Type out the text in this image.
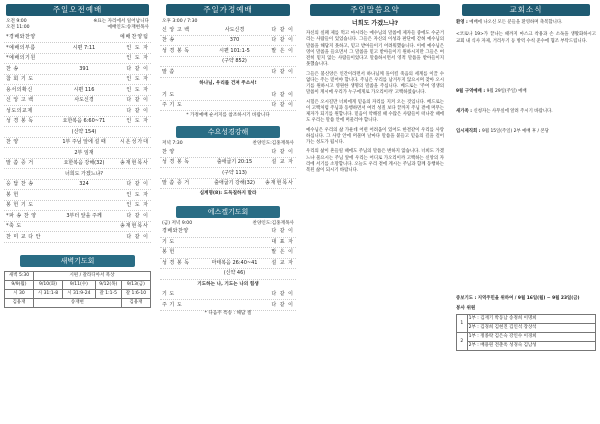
주일오전예배
오전 9:00
오전 11:00
※표는 자리에서 일어납니다
예배인도:송재현목사
*경배와찬양	예배찬양팀
*예배의부름	시편 7:11	인 도 자
*예배의기원	인 도 자
찬 송	391	다 같 이
참 회 기 도	인 도 자
용서의확신	시편 116	인 도 자
신 앙 고 백	사도신경	다 같 이
성도의교제	다 같 이
성 경 봉 독	요한복음 6:60~71	인 도 자
(신약 154)
찬 양	1부 주님 앞에 설 때	시온성가대
2부 임재
말 씀 증 거	요한복음 강해(32)	송재현목사
너희도 가겠느냐?
응 답 찬 송	324	다 같 이
봉 헌	인 도 자
봉 헌 기 도	인 도 자
*파 송 찬 양	3부터 앞을 주께	다 같 이
*축 도	송재현목사
찬 미 교 다 안	다 같 이
새벽기도회
새벽 5:30	시편 / 갈라디아서 묵상			
9/9(월)	9/10(화)	9/11(수)	9/12(목)	9/13(금)
시 30	시 31:1-8	시 31:9-24	갈 1:1-5	갈 1:6-10
김용재	송재현			김용재
주일가정예배
오후 3:00 / 7:30
신 앙 고 백	사도신경	다 같 이
찬 송	370	다 같 이
성 경 봉 독	시편 101:1-5	말 은 이
(구약 852)
말 씀	다 같 이
하나님, 우리를 건져 주소서!
기 도	다 같 이
주 기 도	다 같 이
* 가정예배 순서지를 참조하시기 바랍니다
수요성경강해
저녁 7:30	찬양인도:김홍재목사
찬 양	다 같 이
성 경 봉 독	출애굽기 20:15	설 교 자
(구약 113)
말 씀 증 거	출애굽기 강해(32)	송재현목사
십계명(8): 도둑질하지 말라
에스겔기도회
(금) 저녁 9:00	찬양인도:김홍재목사
경배와찬양	다 같 이
기 도	대 표 자
봉 헌	말 은 이
성 경 봉 독	마태복음 26:40~41	설 교 자
(신약 46)
기도하는 나, 기도는 나의 힘생
기 도	다 같 이
주 기 도	다 같 이
* 다음주 특송 : 해담 셀
주일말씀요약
너희도 가겠느냐?

자신의 실패 제를 먹고 마시라는 예수님의 말씀에 제자들 중에도 수군거리는 사람들이 있었습니다. 그들은 자신의 이성과 판단에 갇혀 예수님의 말씀을 해답지 못하고, 믿고 받아들이기 어려워했습니다. 이에 예수님은 영이 말씀을 들으면서 그 말씀을 믿고 받아들이기 원하시지만 그들은 여전히 믿지 않는 사람들이었다고 말씀하시면서 영적 말씀을 받아들이지 못했습니다.

그들은 불신앙은 인간이라면서 하나님께 돌이킬 죽음의 세계를 이끌 수 없다는 주는 믿어야 합니다. 주님은 우리를 남겨두지 않으시며 찾아 오시기를 원하시고 영원한 생명의 말씀을 주십니다. 베드로는 '주여 영생의 말씀이 계시매 우리가 누구에게로 가오리이까' 고백하였습니다.

시험은 오시길만 너희에게 믿음의 자리를 지켜 오는 것입니다. 베드로는 이 고백처럼 주님과 동행하면서 여러 성질 보다 끝까지 주님 곁에 머무는 제자가 되기를 원합니다. 믿음이 약해질 때 수많은 사람들이 떠나갈 때에도 우리는 말씀 안에 머물러야 합니다.

예수님은 우리의 삶 가운데 어떤 어려움이 있어도 한결같이 우리를 사랑하십니다. 그 사랑 안에 머물며 날마다 말씀을 붙들고 믿음의 길을 걸어가는 성도가 됩시다.

우리의 삶이 흔들릴 때에도 주님의 말씀은 변하지 않습니다. 너희도 가겠느냐 물으시는 주님 앞에 우리는 어디로 가오리이까 고백하는 신앙의 자리에 서기를 소망합니다. 오늘도 우리 곁에 계시는 주님과 함께 동행하는 복된 삶이 되시기 바랍니다.

교회소식
환영 : 예배에 나오신 모든 분들을 환영하며 축복합니다.
<코로나 19>가 끝나는 때까지 마스크 착용과 손 소독을 생활화하시고 교회 내 식사 자제, 거리두기 등 방역 수칙 준수에 협조 부탁드립니다.
9월 구역예배 : 9월 29일(주일) 예배
새가족 : 신청자는 사무실에 알려 주시기 바랍니다.
임시제직회 : 9월 15일(주일) 2부 예배 후 / 본당
중보기도 : 지역주민을 위하여 / 9월 16일(월) ~ 9월 23일(금)
봉사 위원
1	1부 : 김재기 박동남 송정희 이명희
	2부 : 김경희 김현진 김인석 장상석
2	1부 : 정종락 김은숙 강인수 이경희
	2부 : 배용원 전춘옥 성경숙 김남성
